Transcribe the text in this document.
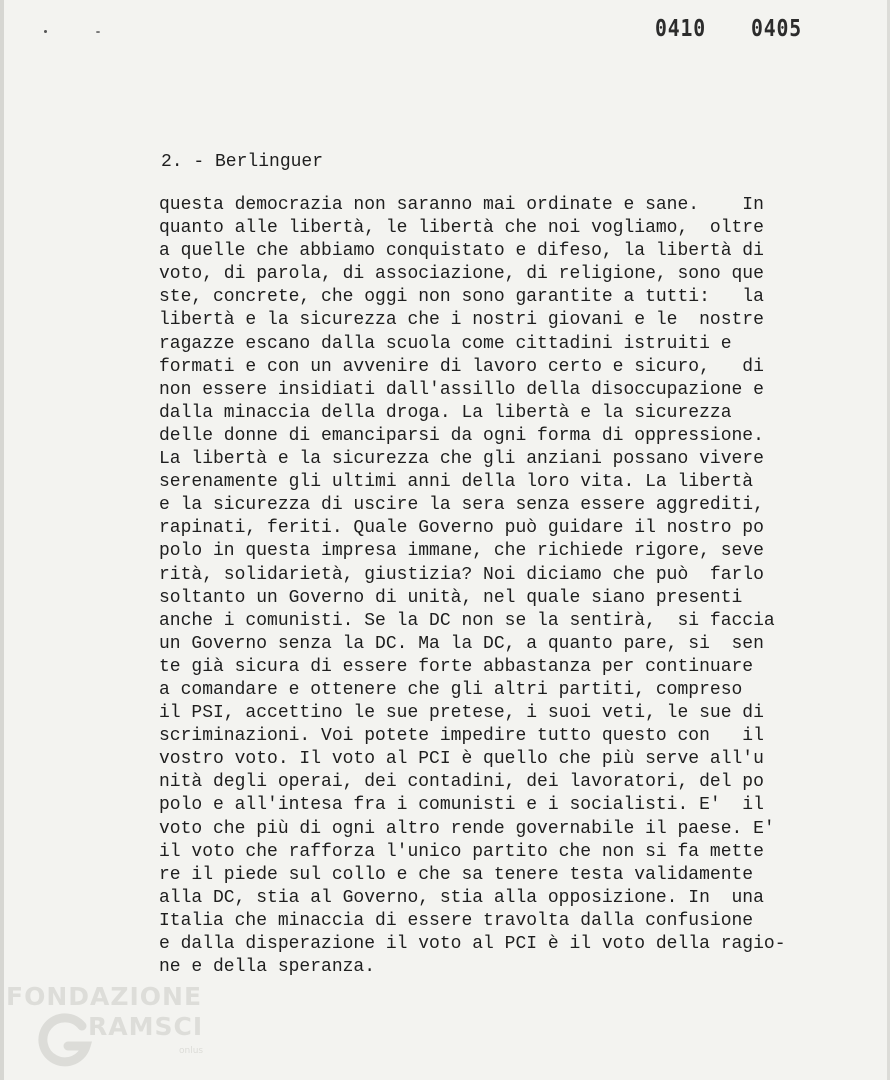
0410 0405
2. - Berlinguer
questa democrazia non saranno mai ordinate e sane.    In
quanto alle libertà, le libertà che noi vogliamo,  oltre
a quelle che abbiamo conquistato e difeso, la libertà di
voto, di parola, di associazione, di religione, sono que
ste, concrete, che oggi non sono garantite a tutti:   la
libertà e la sicurezza che i nostri giovani e le  nostre
ragazze escano dalla scuola come cittadini istruiti e
formati e con un avvenire di lavoro certo e sicuro,   di
non essere insidiati dall'assillo della disoccupazione e
dalla minaccia della droga. La libertà e la sicurezza
delle donne di emanciparsi da ogni forma di oppressione.
La libertà e la sicurezza che gli anziani possano vivere
serenamente gli ultimi anni della loro vita. La libertà
e la sicurezza di uscire la sera senza essere aggrediti,
rapinati, feriti. Quale Governo può guidare il nostro po
polo in questa impresa immane, che richiede rigore, seve
rità, solidarietà, giustizia? Noi diciamo che può  farlo
soltanto un Governo di unità, nel quale siano presenti
anche i comunisti. Se la DC non se la sentirà,  si faccia
un Governo senza la DC. Ma la DC, a quanto pare, si  sen
te già sicura di essere forte abbastanza per continuare
a comandare e ottenere che gli altri partiti, compreso
il PSI, accettino le sue pretese, i suoi veti, le sue di
scriminazioni. Voi potete impedire tutto questo con   il
vostro voto. Il voto al PCI è quello che più serve all'u
nità degli operai, dei contadini, dei lavoratori, del po
polo e all'intesa fra i comunisti e i socialisti. E'  il
voto che più di ogni altro rende governabile il paese. E'
il voto che rafforza l'unico partito che non si fa mette
re il piede sul collo e che sa tenere testa validamente
alla DC, stia al Governo, stia alla opposizione. In  una
Italia che minaccia di essere travolta dalla confusione
e dalla disperazione il voto al PCI è il voto della ragio-
ne e della speranza.
FONDAZIONE
RAMSCI
onlus
